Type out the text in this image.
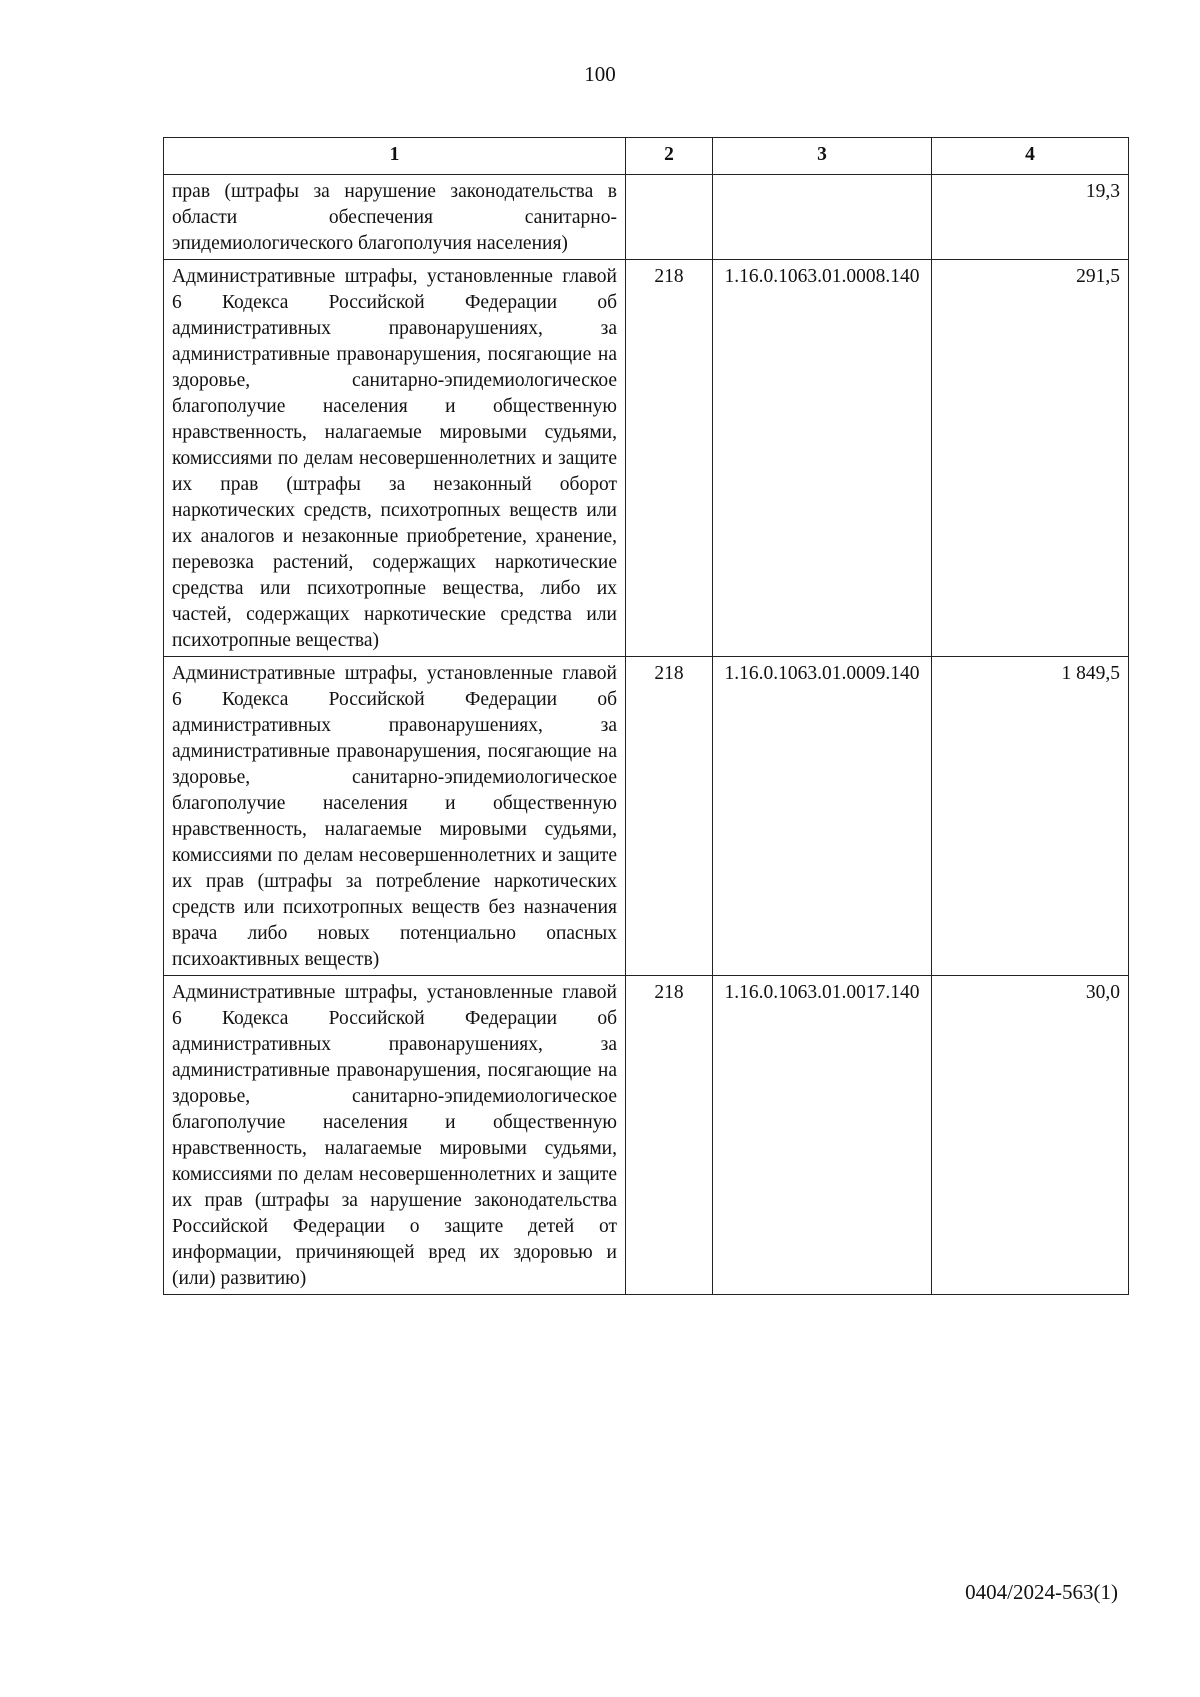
100
1	2	3	4
прав (штрафы за нарушение законодательства в области обеспечения санитарно-эпидемиологического благополучия населения)			19,3
Административные штрафы, установленные главой 6 Кодекса Российской Федерации об административных правонарушениях, за административные правонарушения, посягающие на здоровье, санитарно-эпидемиологическое благополучие населения и общественную нравственность, налагаемые мировыми судьями, комиссиями по делам несовершеннолетних и защите их прав (штрафы за незаконный оборот наркотических средств, психотропных веществ или их аналогов и незаконные приобретение, хранение, перевозка растений, содержащих наркотические средства или психотропные вещества, либо их частей, содержащих наркотические средства или психотропные вещества)	218	1.16.0.1063.01.0008.140	291,5
Административные штрафы, установленные главой 6 Кодекса Российской Федерации об административных правонарушениях, за административные правонарушения, посягающие на здоровье, санитарно-эпидемиологическое благополучие населения и общественную нравственность, налагаемые мировыми судьями, комиссиями по делам несовершеннолетних и защите их прав (штрафы за потребление наркотических средств или психотропных веществ без назначения врача либо новых потенциально опасных психоактивных веществ)	218	1.16.0.1063.01.0009.140	1 849,5
Административные штрафы, установленные главой 6 Кодекса Российской Федерации об административных правонарушениях, за административные правонарушения, посягающие на здоровье, санитарно-эпидемиологическое благополучие населения и общественную нравственность, налагаемые мировыми судьями, комиссиями по делам несовершеннолетних и защите их прав (штрафы за нарушение законодательства Российской Федерации о защите детей от информации, причиняющей вред их здоровью и (или) развитию)	218	1.16.0.1063.01.0017.140	30,0
0404/2024-563(1)
